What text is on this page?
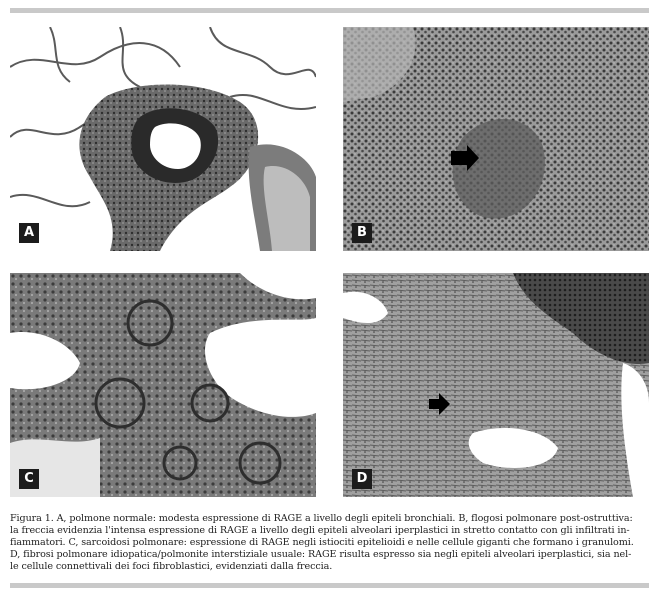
A	B
C	D
Figura 1. A, polmone normale: modesta espressione di RAGE a livello degli epiteli bronchiali. B, flogosi polmonare post-ostruttiva:
la freccia evidenzia l'intensa espressione di RAGE a livello degli epiteli alveolari iperplastici in stretto contatto con gli infiltrati in-
fiammatori. C, sarcoidosi polmonare: espressione di RAGE negli istiociti epitelioidi e nelle cellule giganti che formano i granulomi.
D, fibrosi polmonare idiopatica/polmonite interstiziale usuale: RAGE risulta espresso sia negli epiteli alveolari iperplastici, sia nel-
le cellule connettivali dei foci fibroblastici, evidenziati dalla freccia.
